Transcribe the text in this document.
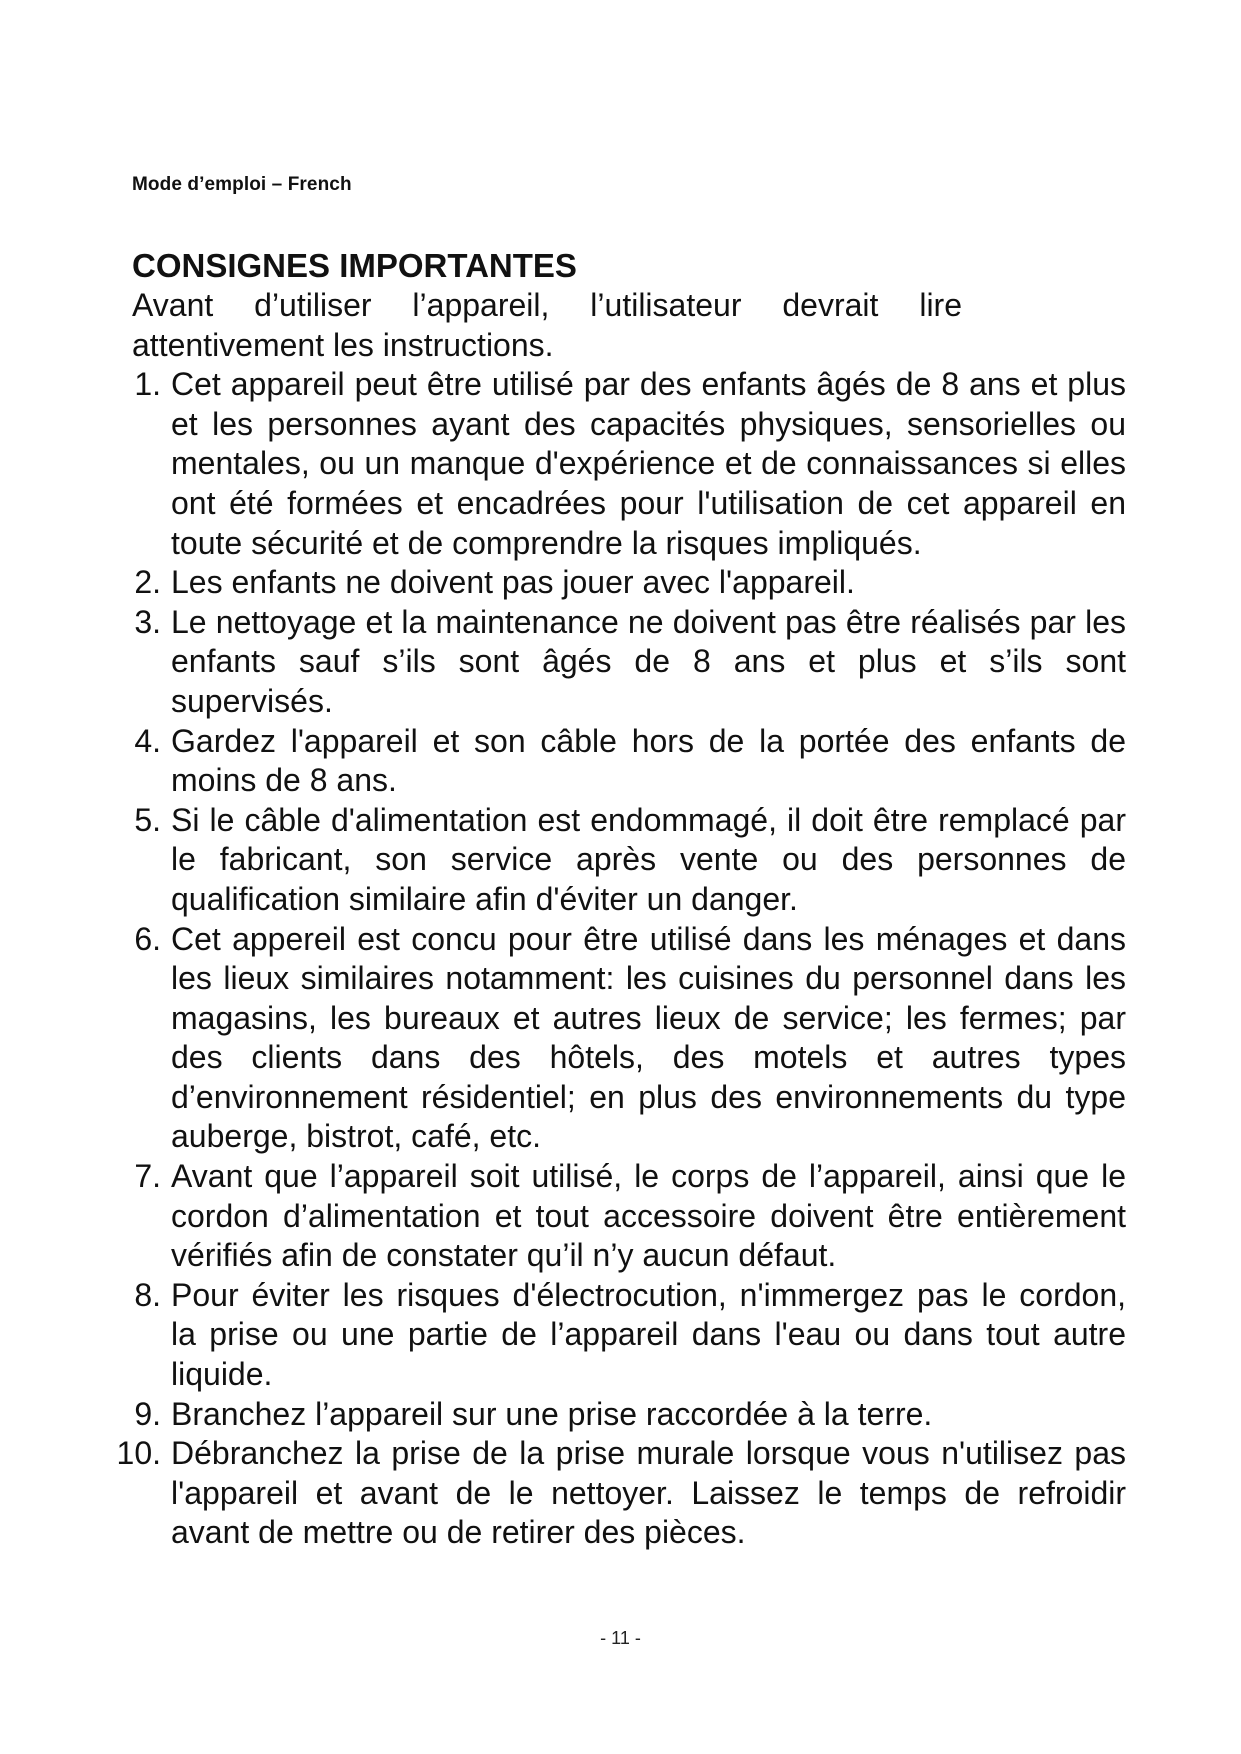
Mode d’emploi – French
CONSIGNES IMPORTANTES

Avant d’utiliser l’appareil, l’utilisateur devrait lire attentivement les instructions.

1. Cet appareil peut être utilisé par des enfants âgés de 8 ans et plus et les personnes ayant des capacités physiques, sensorielles ou mentales, ou un manque d'expérience et de connaissances si elles ont été formées et encadrées pour l'utilisation de cet appareil en toute sécurité et de comprendre la risques impliqués.
2. Les enfants ne doivent pas jouer avec l'appareil.
3. Le nettoyage et la maintenance ne doivent pas être réalisés par les enfants sauf s’ils sont âgés de 8 ans et plus et s’ils sont supervisés.
4. Gardez l'appareil et son câble hors de la portée des enfants de moins de 8 ans.
5. Si le câble d'alimentation est endommagé, il doit être remplacé par le fabricant, son service après vente ou des personnes de qualification similaire afin d'éviter un danger.
6. Cet appereil est concu pour être utilisé dans les ménages et dans les lieux similaires notamment: les cuisines du personnel dans les magasins, les bureaux et autres lieux de service; les fermes; par des clients dans des hôtels, des motels et autres types d’environnement résidentiel; en plus des environnements du type auberge, bistrot, café, etc.
7. Avant que l’appareil soit utilisé, le corps de l’appareil, ainsi que le cordon d’alimentation et tout accessoire doivent être entièrement vérifiés afin de constater qu’il n’y aucun défaut.
8. Pour éviter les risques d'électrocution, n'immergez pas le cordon, la prise ou une partie de l’appareil dans l'eau ou dans tout autre liquide.
9. Branchez l’appareil sur une prise raccordée à la terre.
10. Débranchez la prise de la prise murale lorsque vous n'utilisez pas l'appareil et avant de le nettoyer. Laissez le temps de refroidir avant de mettre ou de retirer des pièces.
- 11 -
